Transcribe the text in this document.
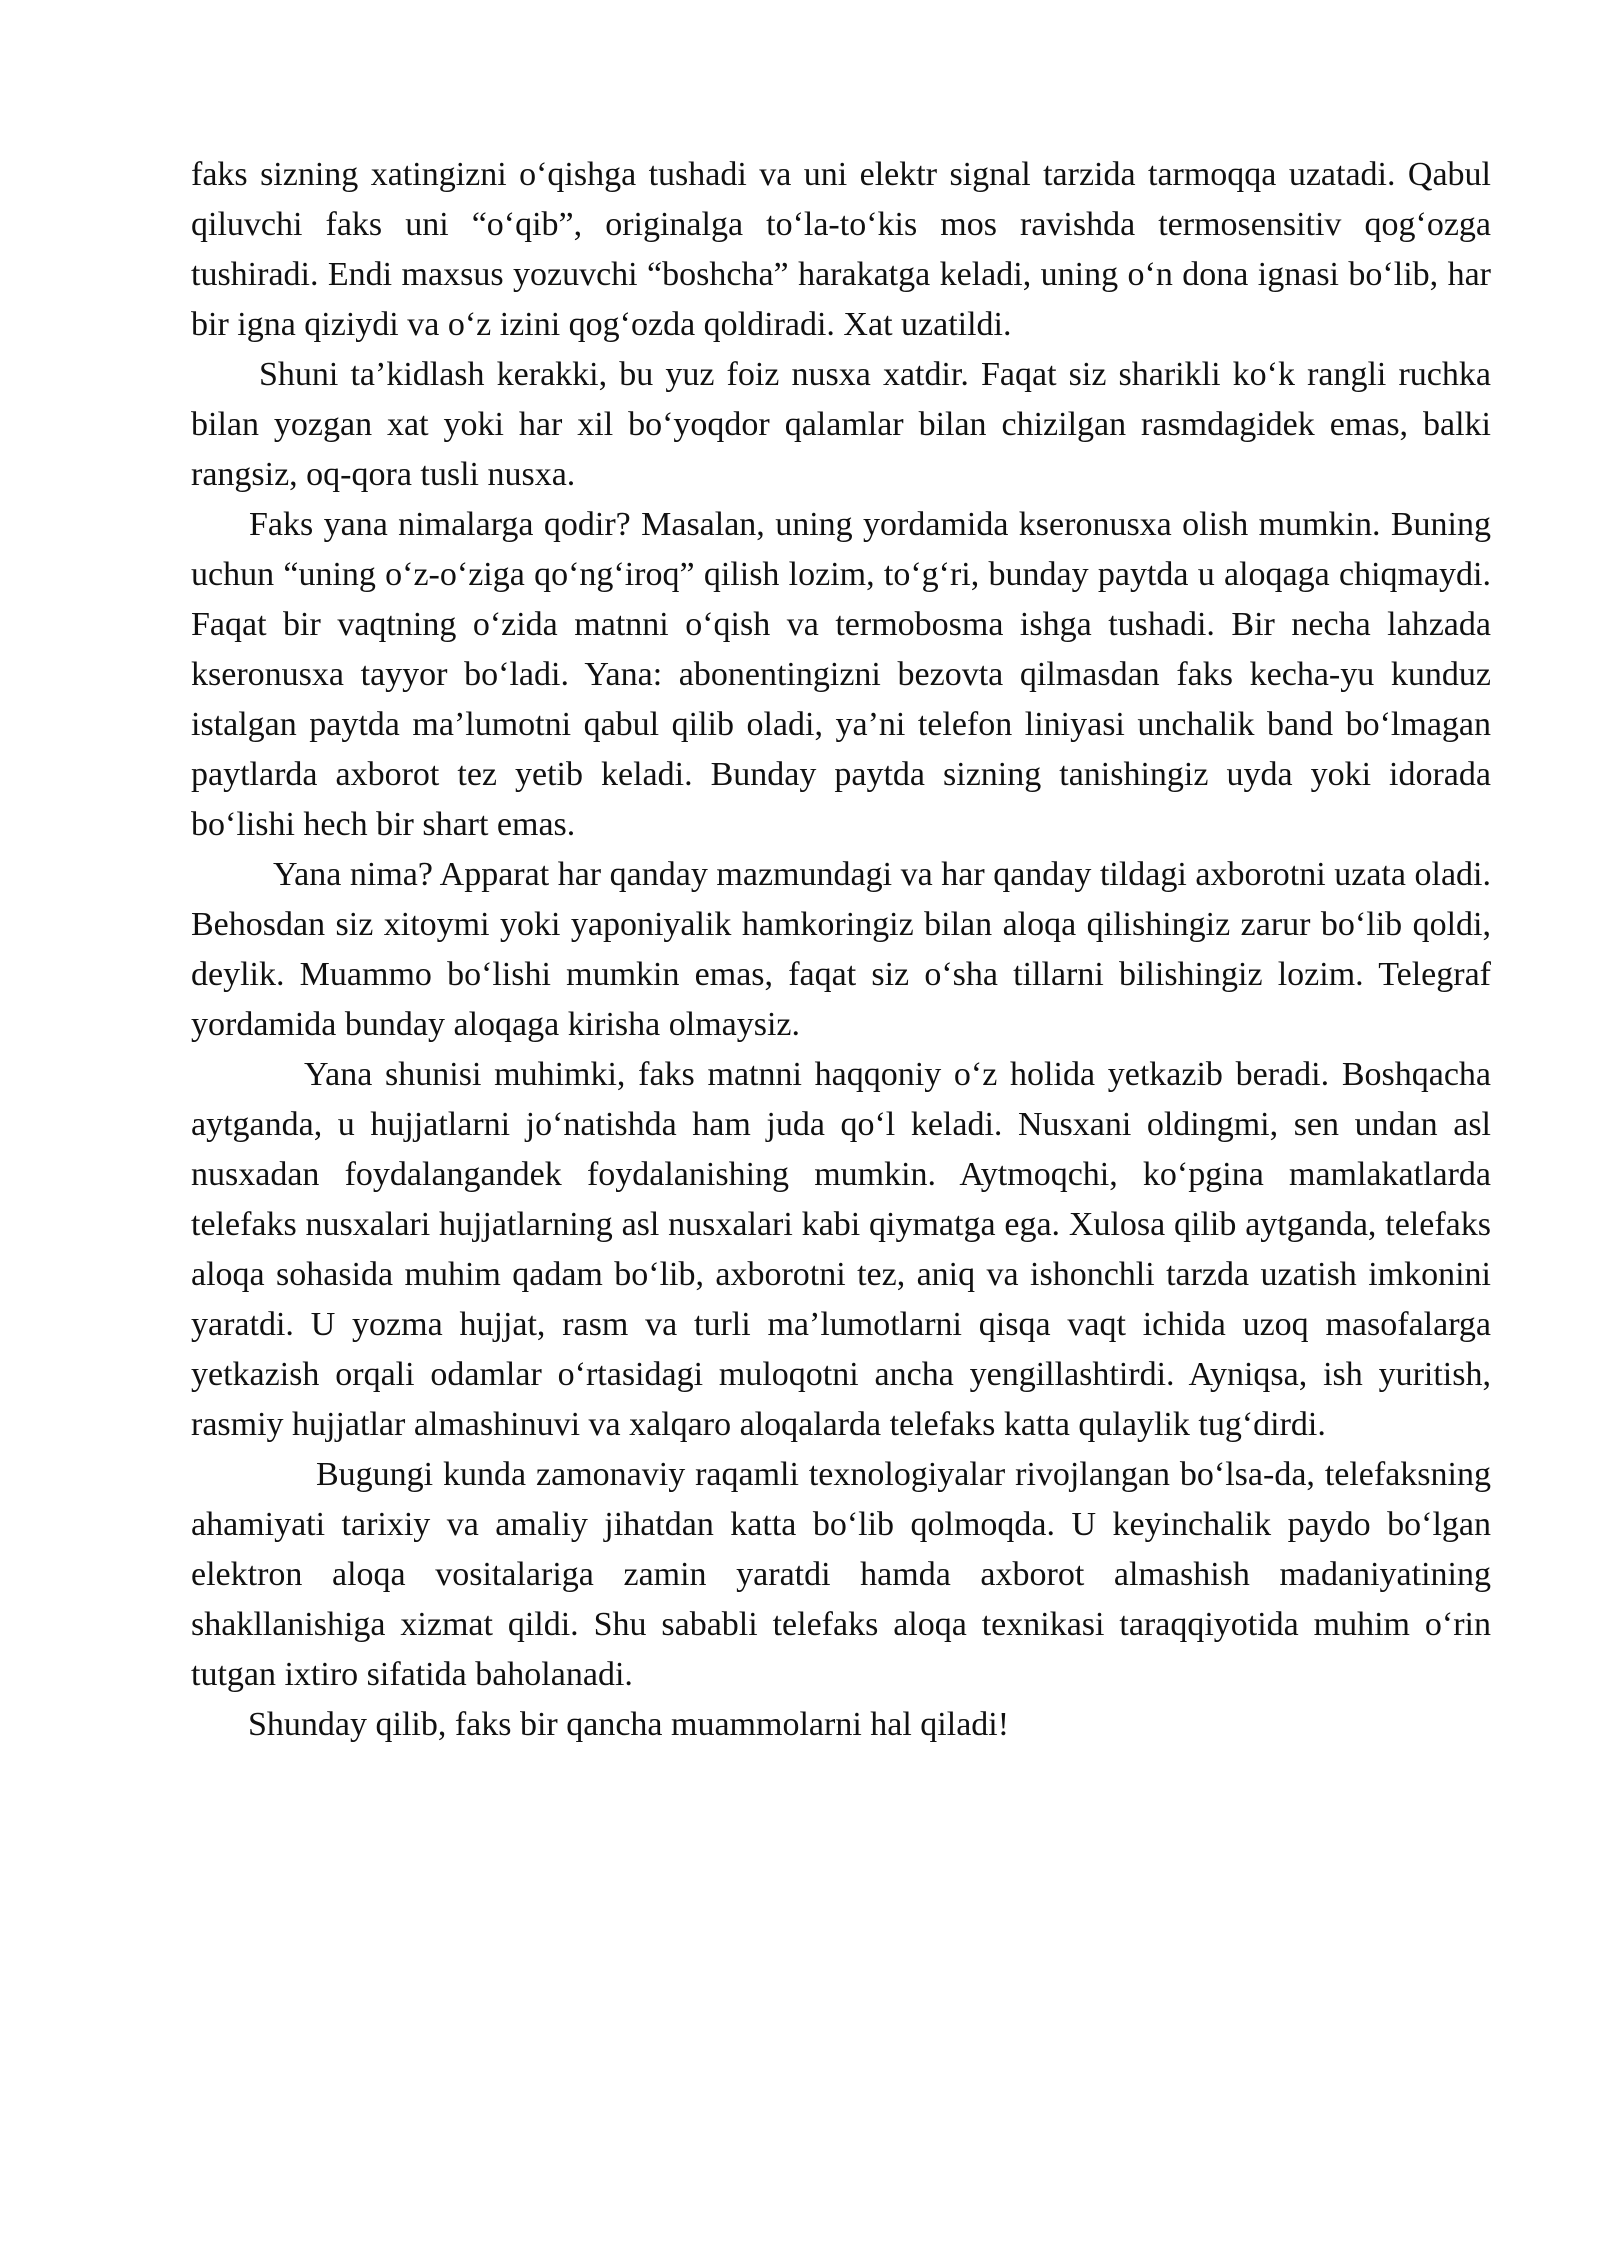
faks sizning xatingizni o‘qishga tushadi va uni elektr signal tarzida tarmoqqa uzatadi. Qabul qiluvchi faks uni “o‘qib”, originalga to‘la-to‘kis mos ravishda termosensitiv qog‘ozga tushiradi. Endi maxsus yozuvchi “boshcha” harakatga keladi, uning o‘n dona ignasi bo‘lib, har bir igna qiziydi va o‘z izini qog‘ozda qoldiradi. Xat uzatildi.

Shuni ta’kidlash kerakki, bu yuz foiz nusxa xatdir. Faqat siz sharikli ko‘k rangli ruchka bilan yozgan xat yoki har xil bo‘yoqdor qalamlar bilan chizilgan rasmdagidek emas, balki rangsiz, oq-qora tusli nusxa.

Faks yana nimalarga qodir? Masalan, uning yordamida kseronusxa olish mumkin. Buning uchun “uning o‘z-o‘ziga qo‘ng‘iroq” qilish lozim, to‘g‘ri, bunday paytda u aloqaga chiqmaydi. Faqat bir vaqtning o‘zida matnni o‘qish va termobosma ishga tushadi. Bir necha lahzada kseronusxa tayyor bo‘ladi. Yana: abonentingizni bezovta qilmasdan faks kecha-yu kunduz istalgan paytda ma’lumotni qabul qilib oladi, ya’ni telefon liniyasi unchalik band bo‘lmagan paytlarda axborot tez yetib keladi. Bunday paytda sizning tanishingiz uyda yoki idorada bo‘lishi hech bir shart emas.

Yana nima? Apparat har qanday mazmundagi va har qanday tildagi axborotni uzata oladi. Behosdan siz xitoymi yoki yaponiyalik hamkoringiz bilan aloqa qilishingiz zarur bo‘lib qoldi, deylik. Muammo bo‘lishi mumkin emas, faqat siz o‘sha tillarni bilishingiz lozim. Telegraf yordamida bunday aloqaga kirisha olmaysiz.

Yana shunisi muhimki, faks matnni haqqoniy o‘z holida yetkazib beradi. Boshqacha aytganda, u hujjatlarni jo‘natishda ham juda qo‘l keladi. Nusxani oldingmi, sen undan asl nusxadan foydalangandek foydalanishing mumkin. Aytmoqchi, ko‘pgina mamlakatlarda telefaks nusxalari hujjatlarning asl nusxalari kabi qiymatga ega. Xulosa qilib aytganda, telefaks aloqa sohasida muhim qadam bo‘lib, axborotni tez, aniq va ishonchli tarzda uzatish imkonini yaratdi. U yozma hujjat, rasm va turli ma’lumotlarni qisqa vaqt ichida uzoq masofalarga yetkazish orqali odamlar o‘rtasidagi muloqotni ancha yengillashtirdi. Ayniqsa, ish yuritish, rasmiy hujjatlar almashinuvi va xalqaro aloqalarda telefaks katta qulaylik tug‘dirdi.

Bugungi kunda zamonaviy raqamli texnologiyalar rivojlangan bo‘lsa-da, telefaksning ahamiyati tarixiy va amaliy jihatdan katta bo‘lib qolmoqda. U keyinchalik paydo bo‘lgan elektron aloqa vositalariga zamin yaratdi hamda axborot almashish madaniyatining shakllanishiga xizmat qildi. Shu sababli telefaks aloqa texnikasi taraqqiyotida muhim o‘rin tutgan ixtiro sifatida baholanadi.

Shunday qilib, faks bir qancha muammolarni hal qiladi!
